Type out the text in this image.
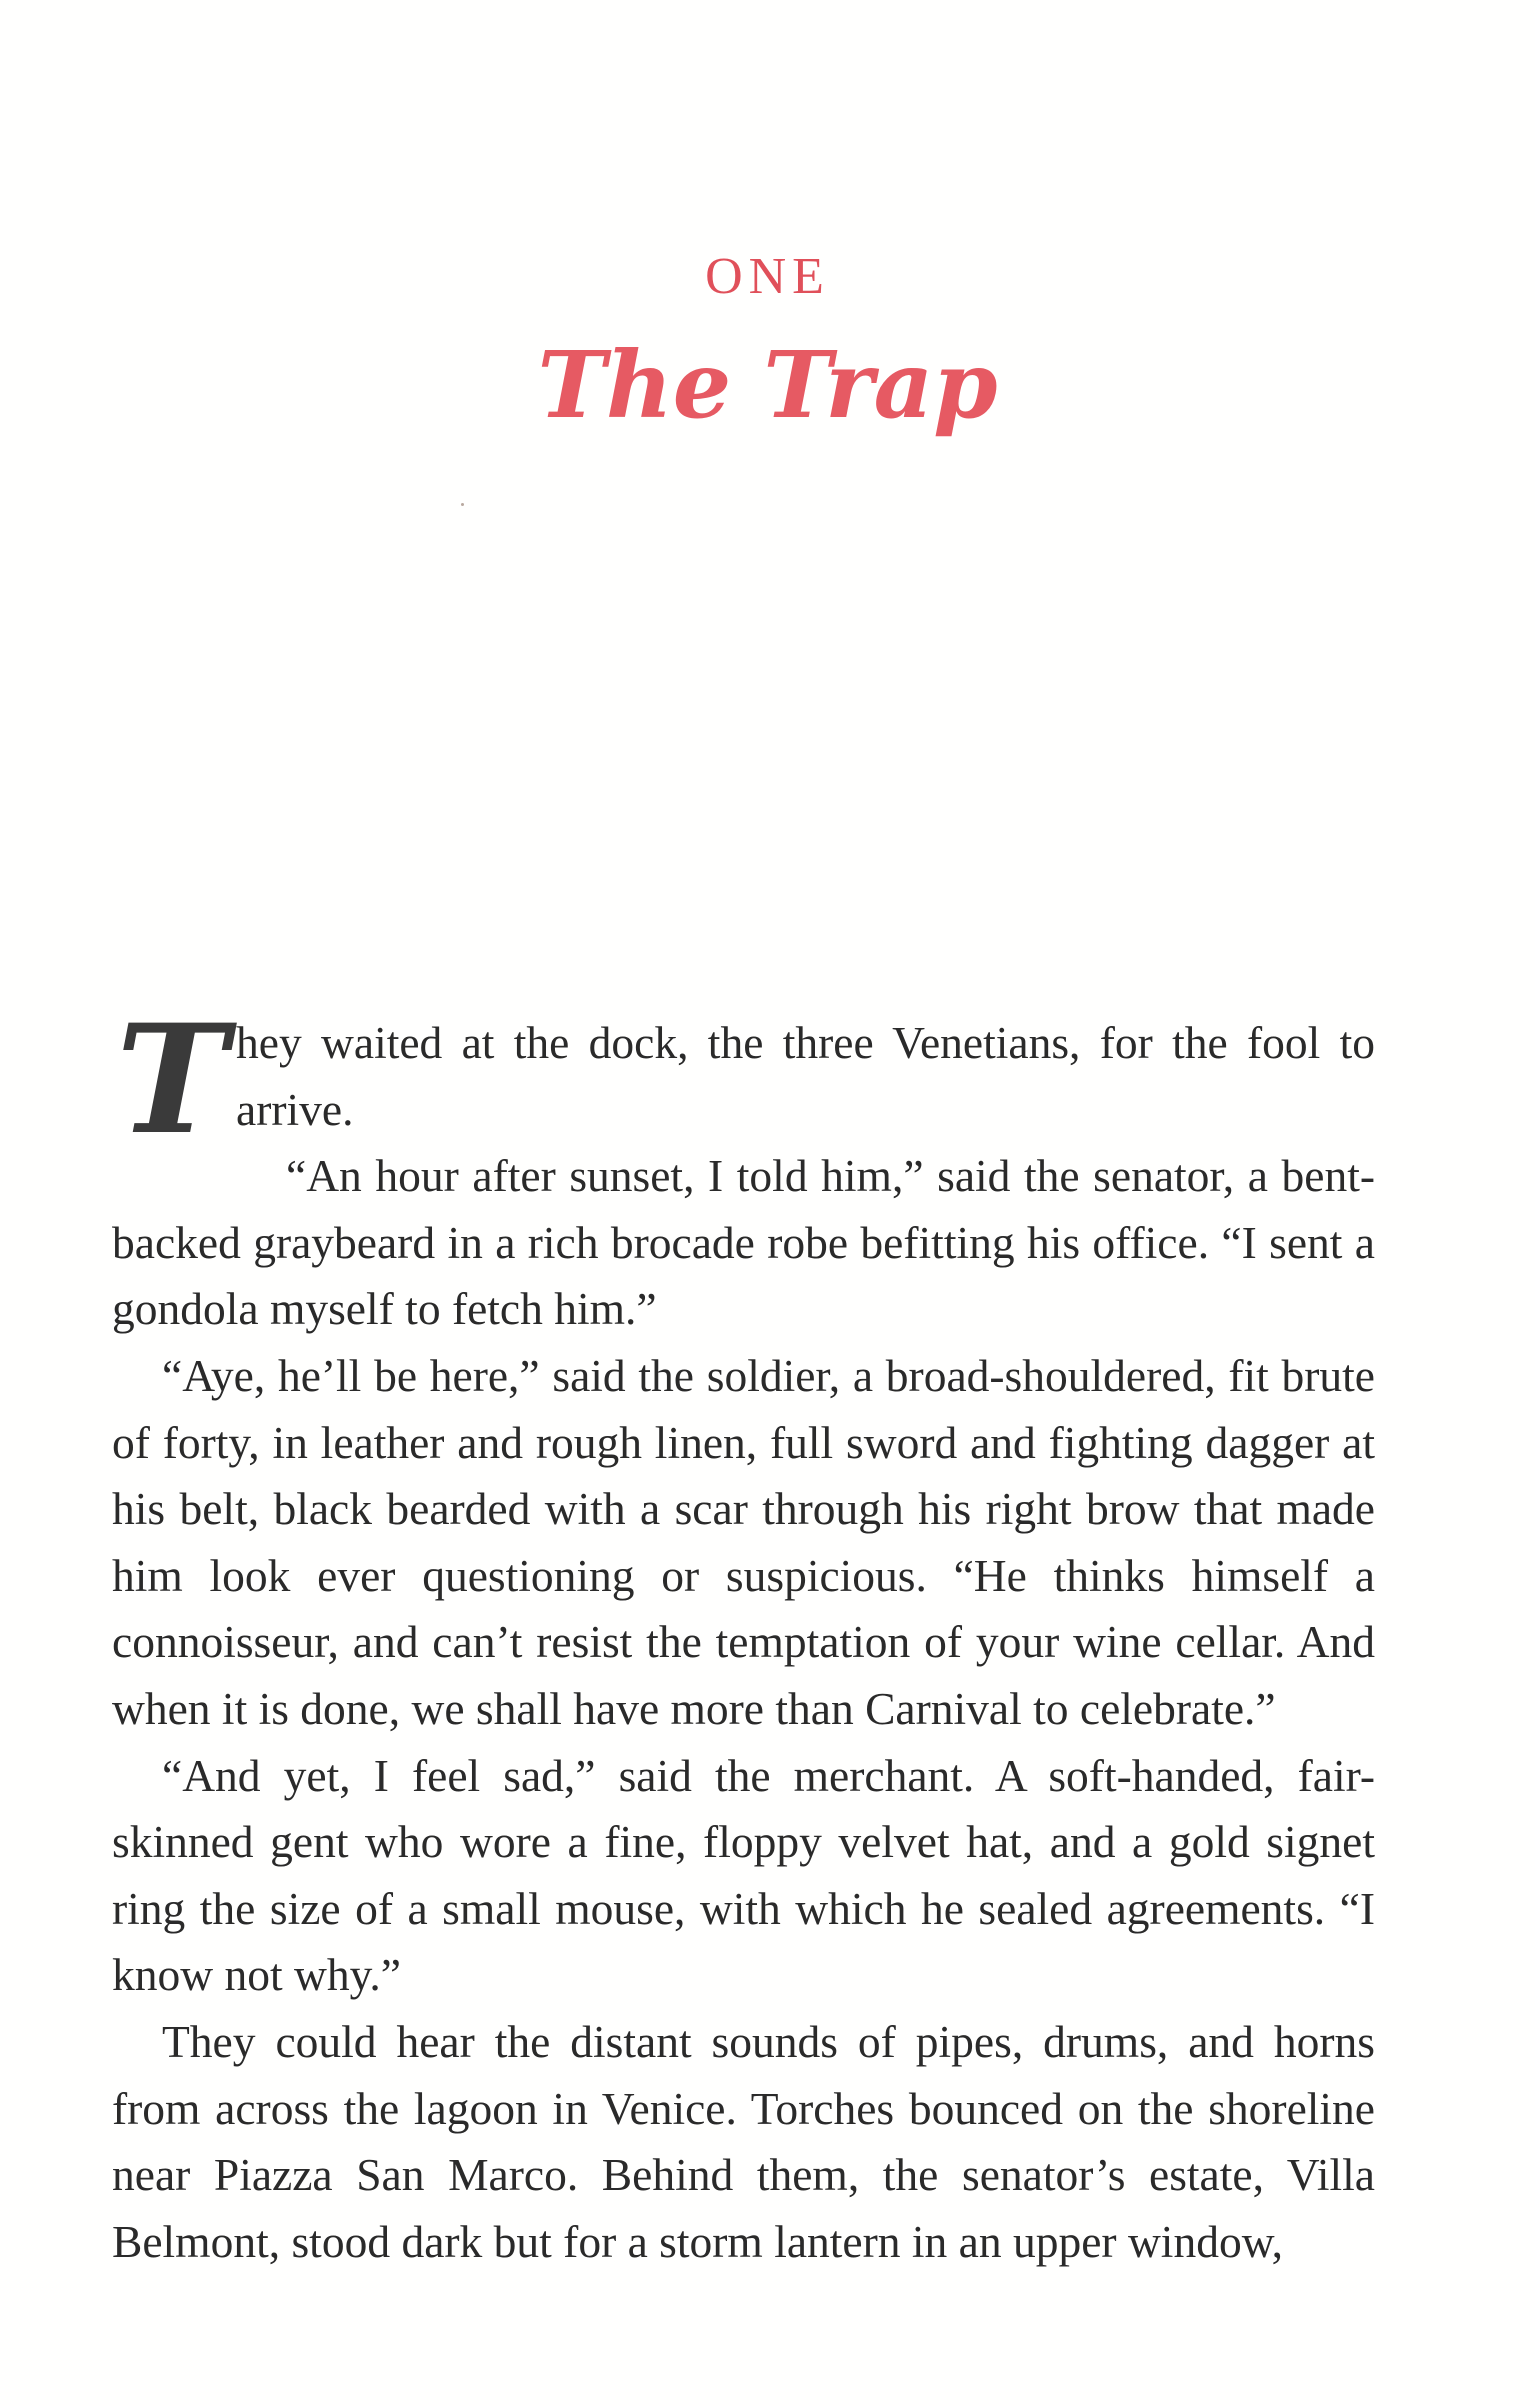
ONE
The Trap

They waited at the dock, the three Venetians, for the fool to arrive.

“An hour after sunset, I told him,” said the senator, a bent-backed graybeard in a rich brocade robe befitting his office. “I sent a gondola myself to fetch him.”

“Aye, he’ll be here,” said the soldier, a broad-shouldered, fit brute of forty, in leather and rough linen, full sword and fighting dagger at his belt, black bearded with a scar through his right brow that made him look ever questioning or suspicious. “He thinks himself a connoisseur, and can’t resist the temptation of your wine cellar. And when it is done, we shall have more than Carnival to celebrate.”

“And yet, I feel sad,” said the merchant. A soft-handed, fair-skinned gent who wore a fine, floppy velvet hat, and a gold signet ring the size of a small mouse, with which he sealed agreements. “I know not why.”

They could hear the distant sounds of pipes, drums, and horns from across the lagoon in Venice. Torches bounced on the shoreline near Piazza San Marco. Behind them, the senator’s estate, Villa Belmont, stood dark but for a storm lantern in an upper window,
